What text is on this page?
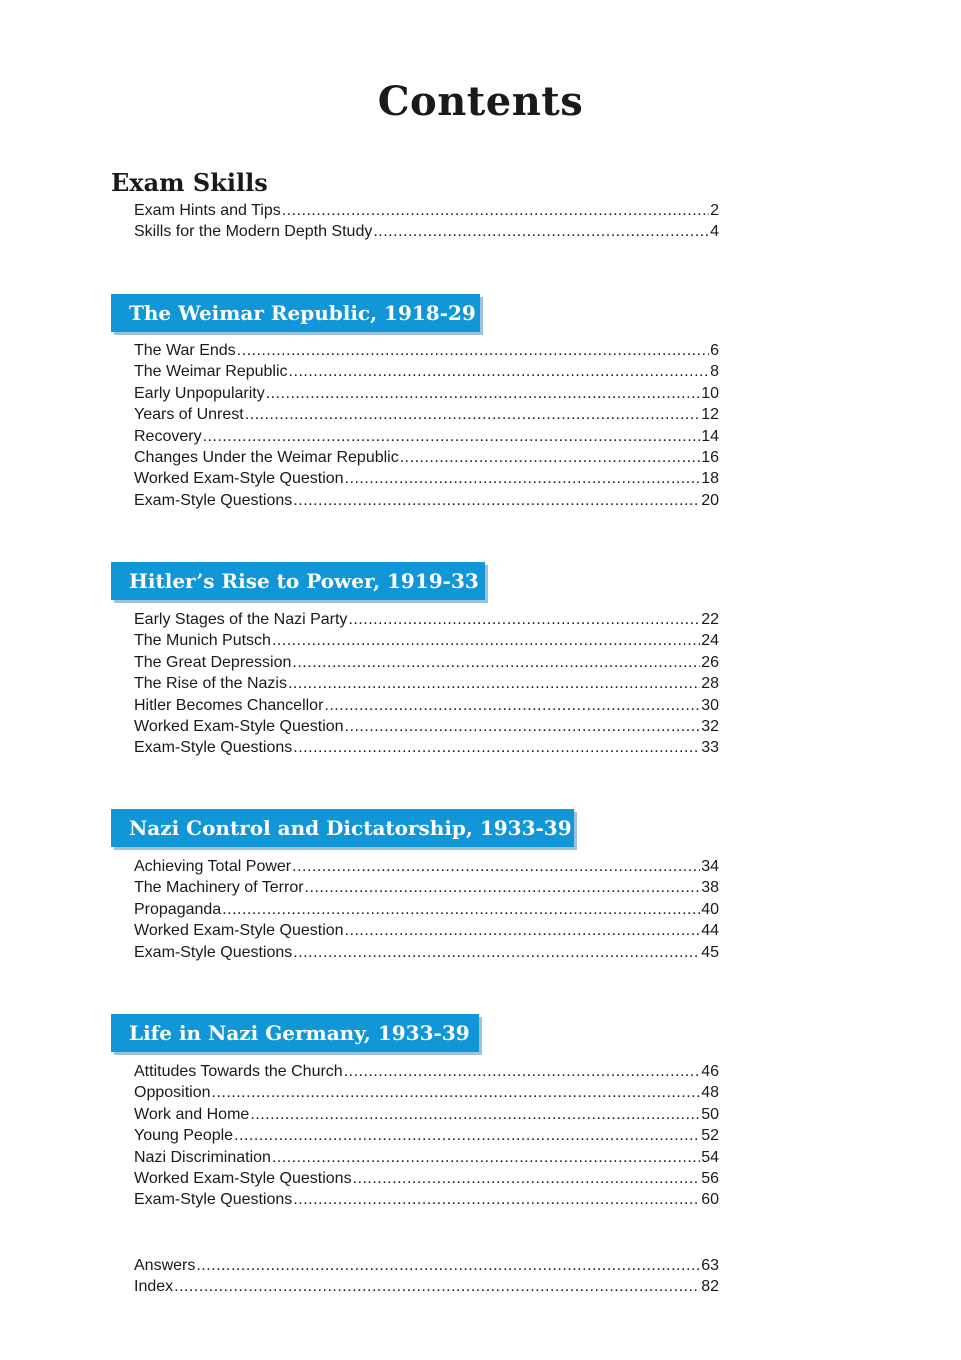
Contents
Exam Skills
Exam Hints and Tips .....	2
Skills for the Modern Depth Study .....	4
The Weimar Republic, 1918-29
The War Ends .....	6
The Weimar Republic .....	8
Early Unpopularity .....	10
Years of Unrest .....	12
Recovery .....	14
Changes Under the Weimar Republic .....	16
Worked Exam-Style Question .....	18
Exam-Style Questions .....	20
Hitler’s Rise to Power, 1919-33
Early Stages of the Nazi Party .....	22
The Munich Putsch .....	24
The Great Depression .....	26
The Rise of the Nazis .....	28
Hitler Becomes Chancellor .....	30
Worked Exam-Style Question .....	32
Exam-Style Questions .....	33
Nazi Control and Dictatorship, 1933-39
Achieving Total Power .....	34
The Machinery of Terror .....	38
Propaganda .....	40
Worked Exam-Style Question .....	44
Exam-Style Questions .....	45
Life in Nazi Germany, 1933-39
Attitudes Towards the Church .....	46
Opposition .....	48
Work and Home .....	50
Young People .....	52
Nazi Discrimination .....	54
Worked Exam-Style Questions .....	56
Exam-Style Questions .....	60
Answers .....	63
Index .....	82
